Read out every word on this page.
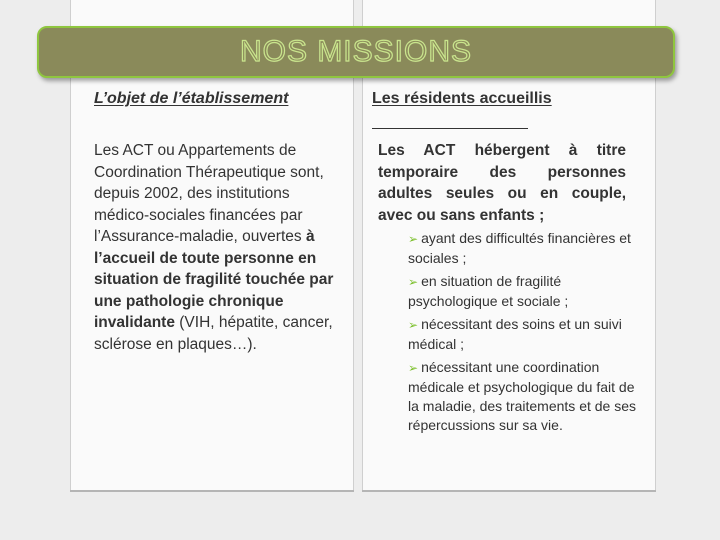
NOS MISSIONS
L’objet de l’établissement
Les ACT ou Appartements de Coordination Thérapeutique sont, depuis 2002, des institutions médico-sociales financées par l’Assurance-maladie, ouvertes à l’accueil de toute personne en situation de fragilité touchée par une pathologie chronique invalidante (VIH, hépatite, cancer, sclérose en plaques…).
Les résidents accueillis
Les ACT hébergent à titre temporaire des personnes adultes seules ou en couple, avec ou sans enfants ;
➢ ayant des difficultés financières et sociales ;
➢ en situation de fragilité psychologique et sociale ;
➢ nécessitant des soins et un suivi médical ;
➢ nécessitant une coordination médicale et psychologique du fait de la maladie, des traitements et de ses répercussions sur sa vie.
